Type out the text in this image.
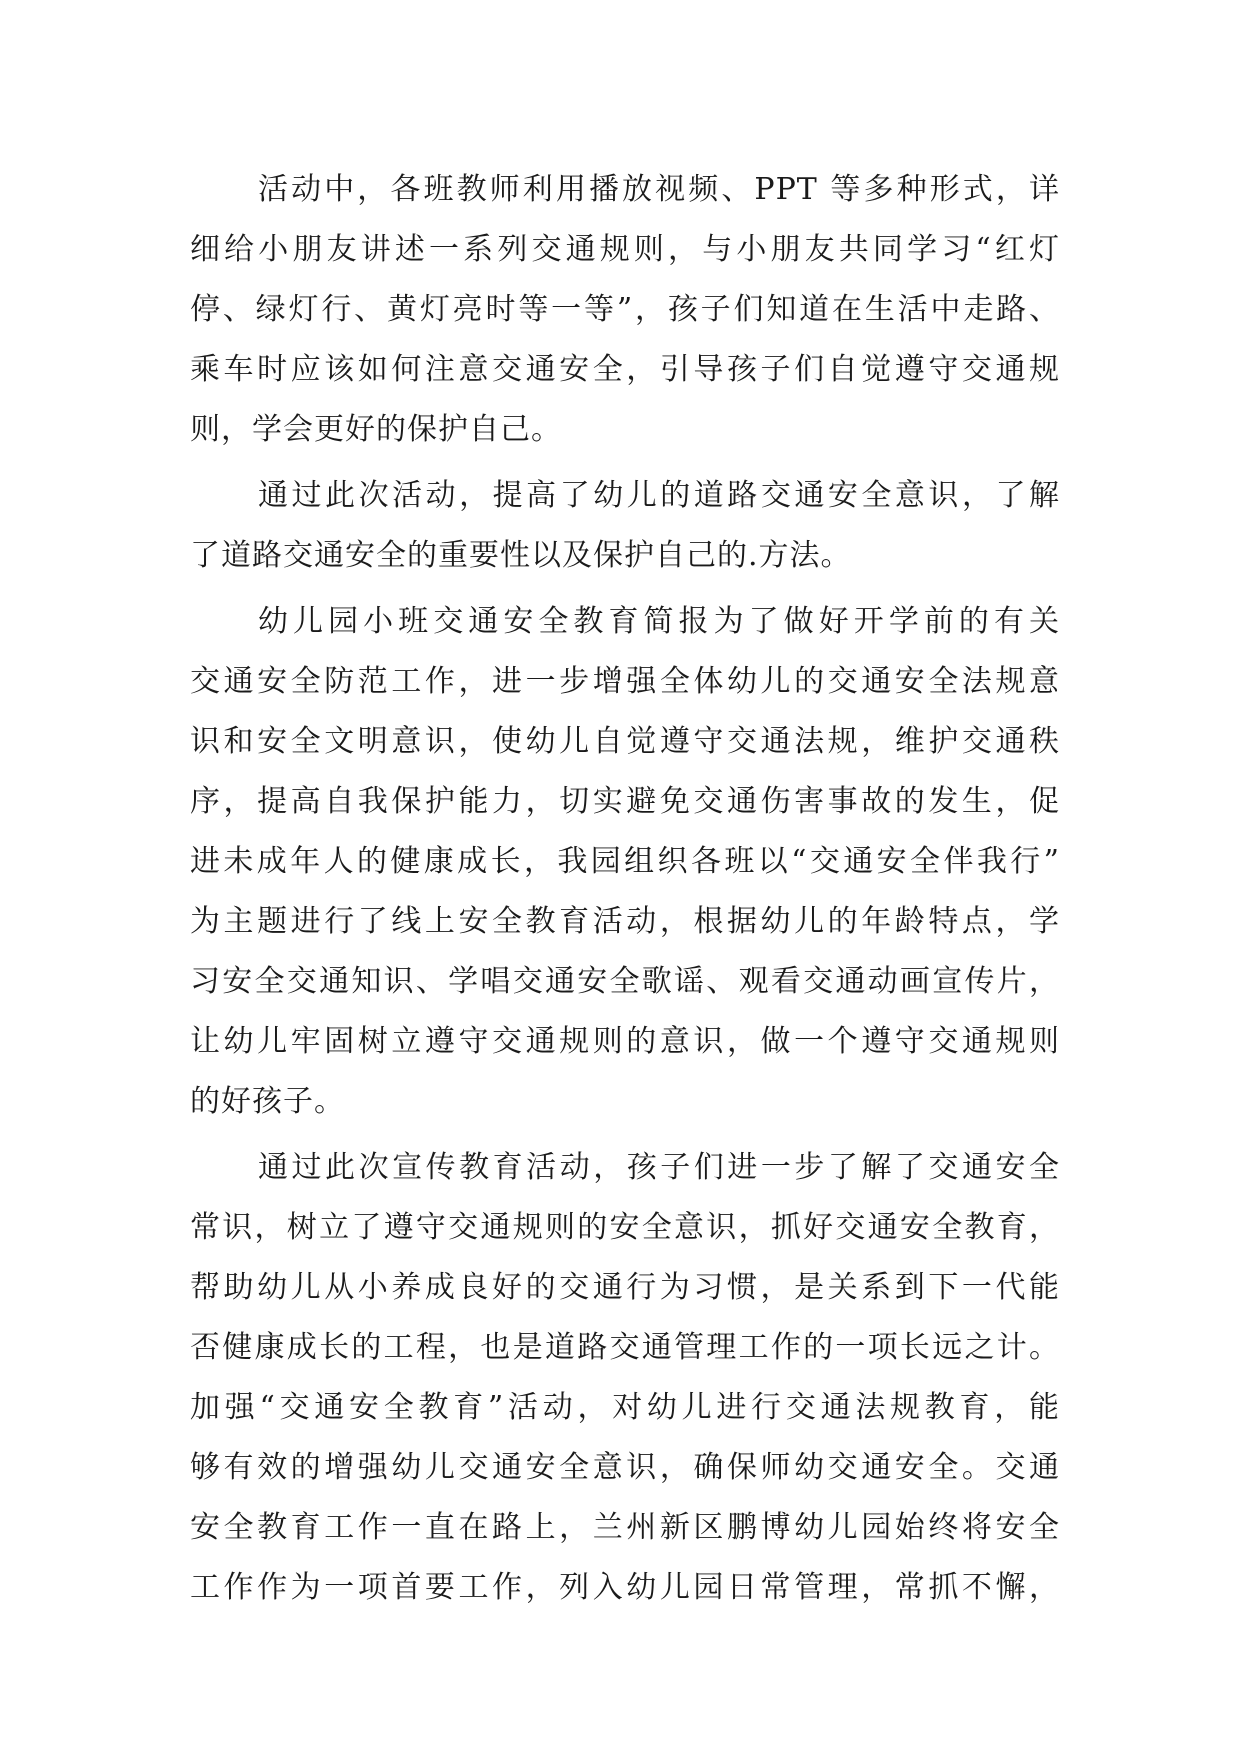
活动中，各班教师利用播放视频、PPT 等多种形式，详
细给小朋友讲述一系列交通规则，与小朋友共同学习“红灯
停、绿灯行、黄灯亮时等一等”，孩子们知道在生活中走路、
乘车时应该如何注意交通安全，引导孩子们自觉遵守交通规
则，学会更好的保护自己。
通过此次活动，提高了幼儿的道路交通安全意识，了解
了道路交通安全的重要性以及保护自己的.方法。
幼儿园小班交通安全教育简报为了做好开学前的有关
交通安全防范工作，进一步增强全体幼儿的交通安全法规意
识和安全文明意识，使幼儿自觉遵守交通法规，维护交通秩
序，提高自我保护能力，切实避免交通伤害事故的发生，促
进未成年人的健康成长，我园组织各班以“交通安全伴我行”
为主题进行了线上安全教育活动，根据幼儿的年龄特点，学
习安全交通知识、学唱交通安全歌谣、观看交通动画宣传片，
让幼儿牢固树立遵守交通规则的意识，做一个遵守交通规则
的好孩子。
通过此次宣传教育活动，孩子们进一步了解了交通安全
常识，树立了遵守交通规则的安全意识，抓好交通安全教育，
帮助幼儿从小养成良好的交通行为习惯，是关系到下一代能
否健康成长的工程，也是道路交通管理工作的一项长远之计。
加强“交通安全教育”活动，对幼儿进行交通法规教育，能
够有效的增强幼儿交通安全意识，确保师幼交通安全。交通
安全教育工作一直在路上，兰州新区鹏博幼儿园始终将安全
工作作为一项首要工作，列入幼儿园日常管理，常抓不懈，
